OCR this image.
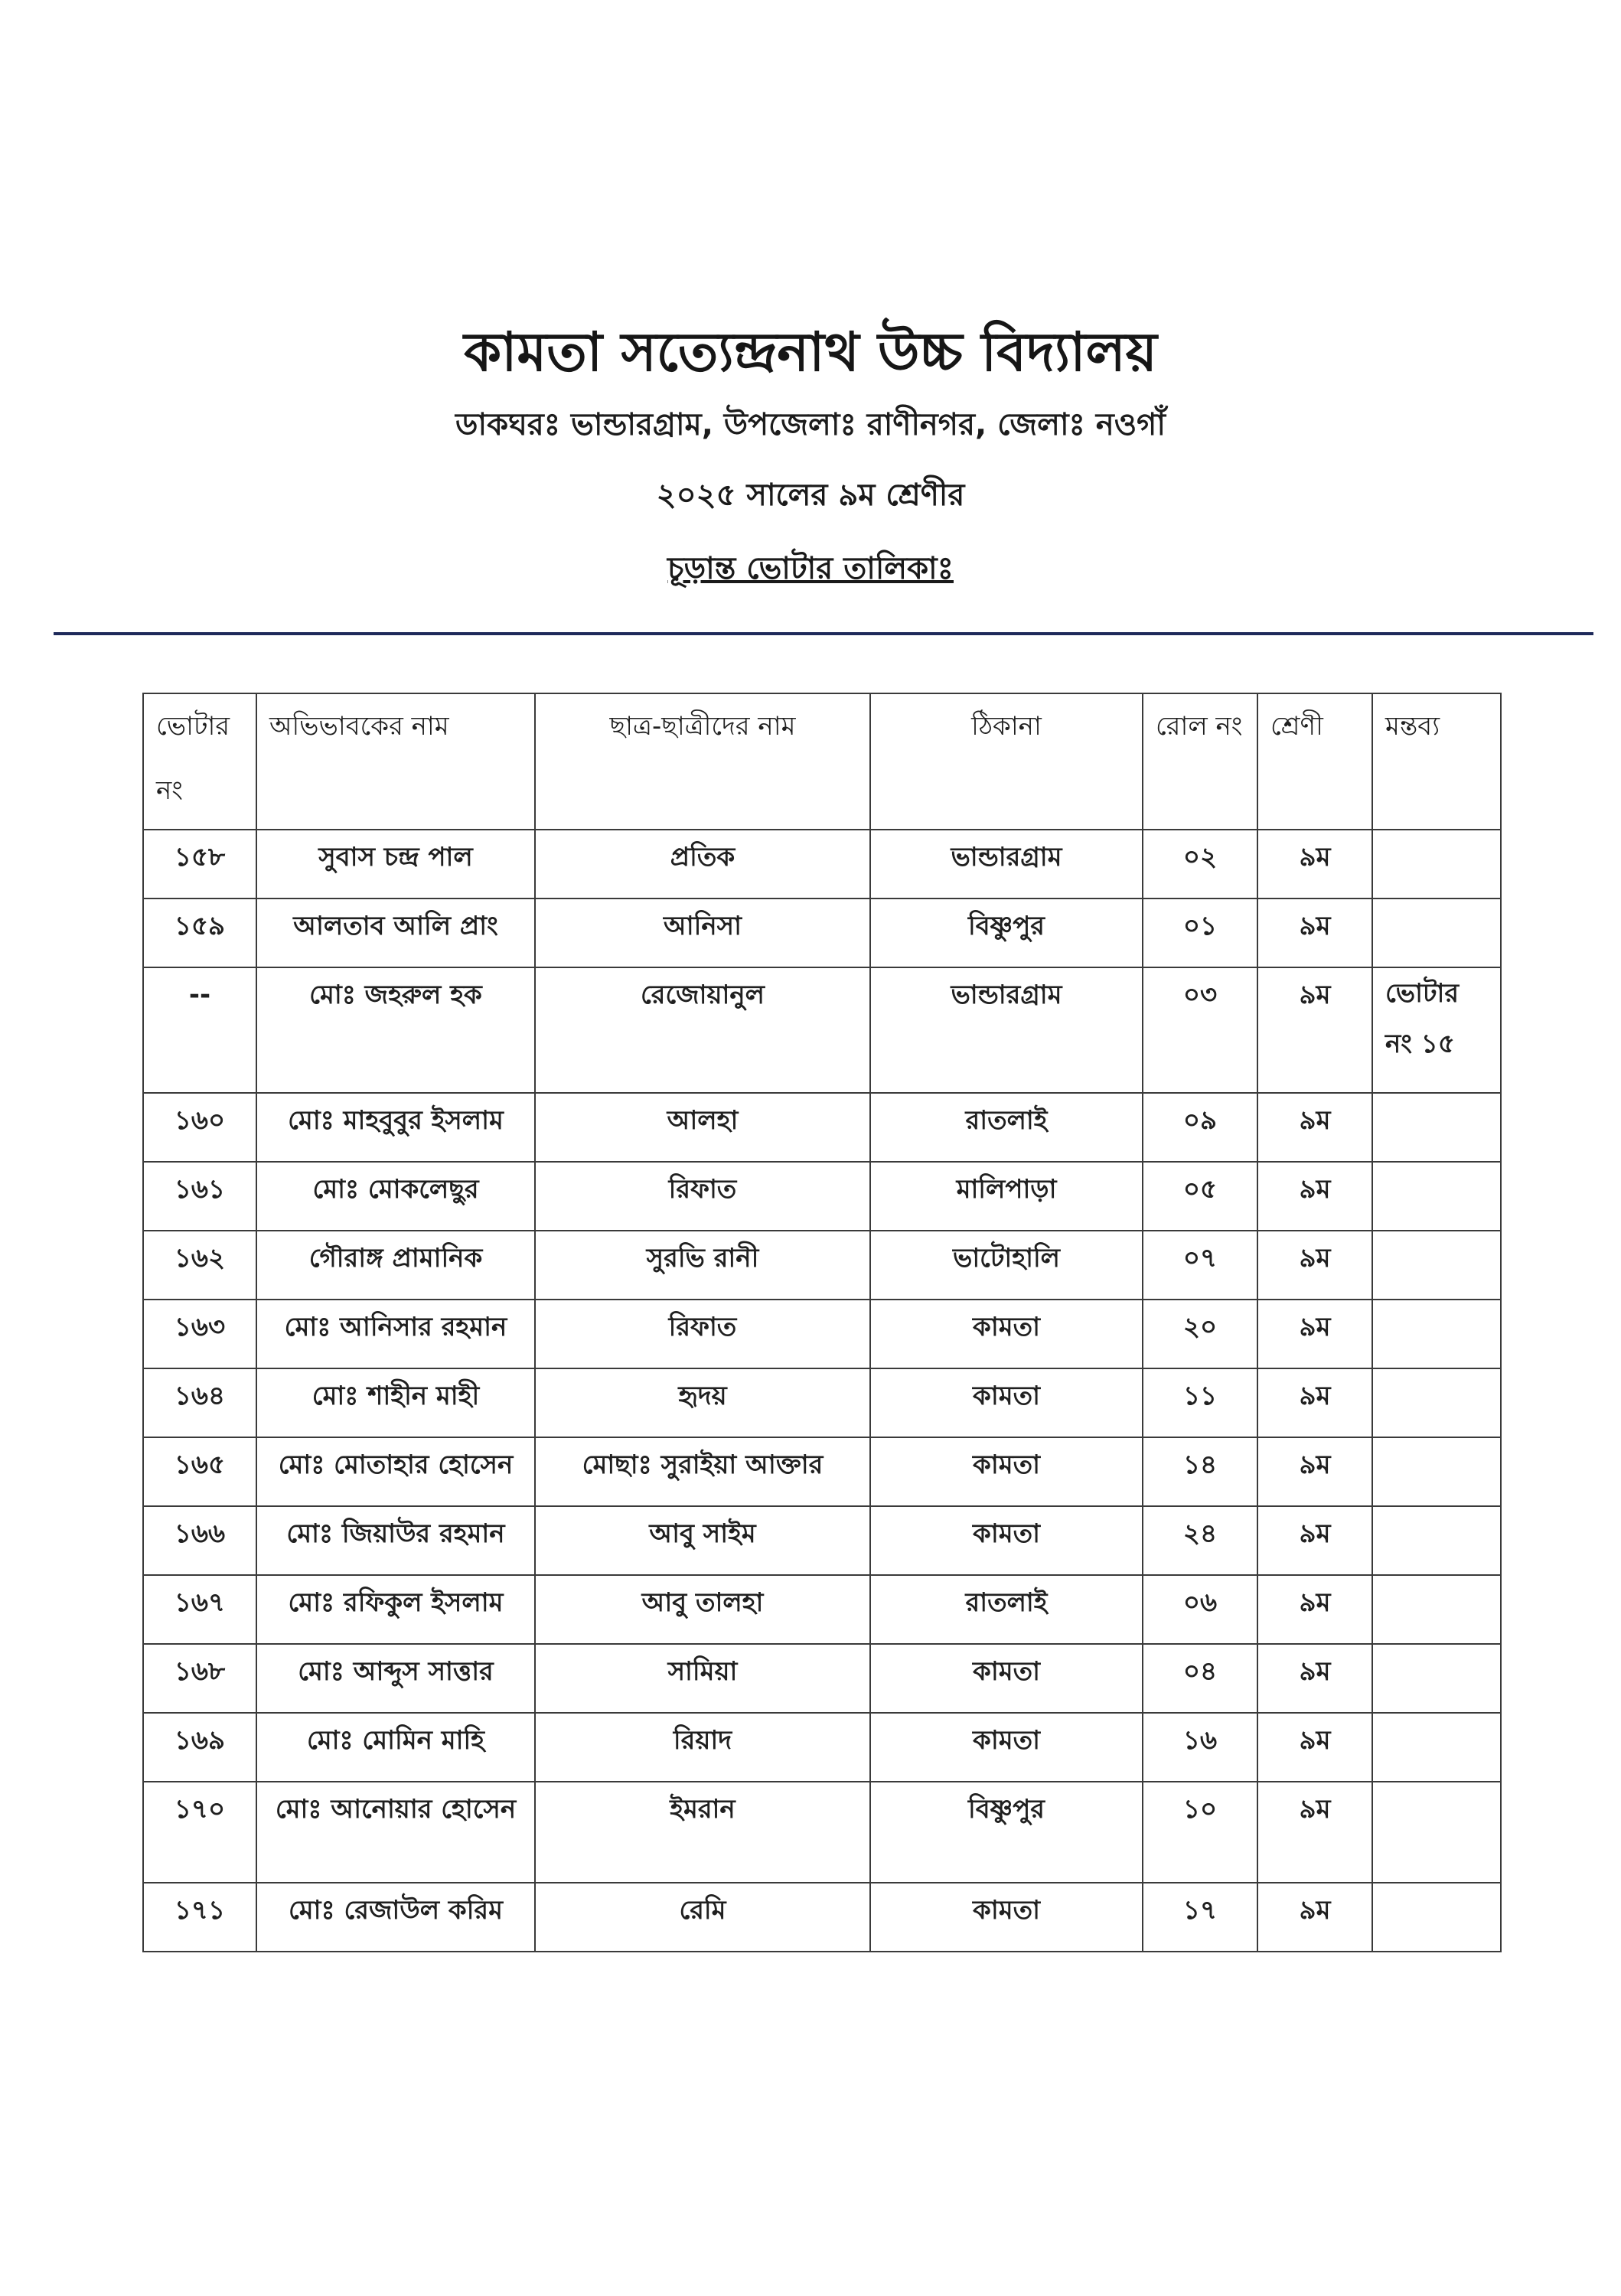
কামতা সত্যেন্দ্রনাথ উচ্চ বিদ্যালয়
ডাকঘরঃ ভান্ডারগ্রাম, উপজেলাঃ রাণীনগর, জেলাঃ নওগাঁ
২০২৫ সালের ৯ম শ্রেণীর
চূড়ান্ত ভোটার তালিকাঃ
ভোটার নং	অভিভাবকের নাম	ছাত্র-ছাত্রীদের নাম	ঠিকানা	রোল নং	শ্রেণী	মন্তব্য
১৫৮	সুবাস চন্দ্র পাল	প্রতিক	ভান্ডারগ্রাম	০২	৯ম	
১৫৯	আলতাব আলি প্রাং	আনিসা	বিষ্ণুপুর	০১	৯ম	
--	মোঃ জহরুল হক	রেজোয়ানুল	ভান্ডারগ্রাম	০৩	৯ম	ভোটার নং ১৫
১৬০	মোঃ মাহবুবুর ইসলাম	আলহা	রাতলাই	০৯	৯ম	
১৬১	মোঃ মোকলেছুর	রিফাত	মালিপাড়া	০৫	৯ম	
১৬২	গৌরাঙ্গ প্রামানিক	সুরভি রানী	ভাটোহালি	০৭	৯ম	
১৬৩	মোঃ আনিসার রহমান	রিফাত	কামতা	২০	৯ম	
১৬৪	মোঃ শাহীন মাহী	হৃদয়	কামতা	১১	৯ম	
১৬৫	মোঃ মোতাহার হোসেন	মোছাঃ সুরাইয়া আক্তার	কামতা	১৪	৯ম	
১৬৬	মোঃ জিয়াউর রহমান	আবু সাইম	কামতা	২৪	৯ম	
১৬৭	মোঃ রফিকুল ইসলাম	আবু তালহা	রাতলাই	০৬	৯ম	
১৬৮	মোঃ আব্দুস সাত্তার	সামিয়া	কামতা	০৪	৯ম	
১৬৯	মোঃ মোমিন মাহি	রিয়াদ	কামতা	১৬	৯ম	
১৭০	মোঃ আনোয়ার হোসেন	ইমরান	বিষ্ণুপুর	১০	৯ম	
১৭১	মোঃ রেজাউল করিম	রেমি	কামতা	১৭	৯ম	
